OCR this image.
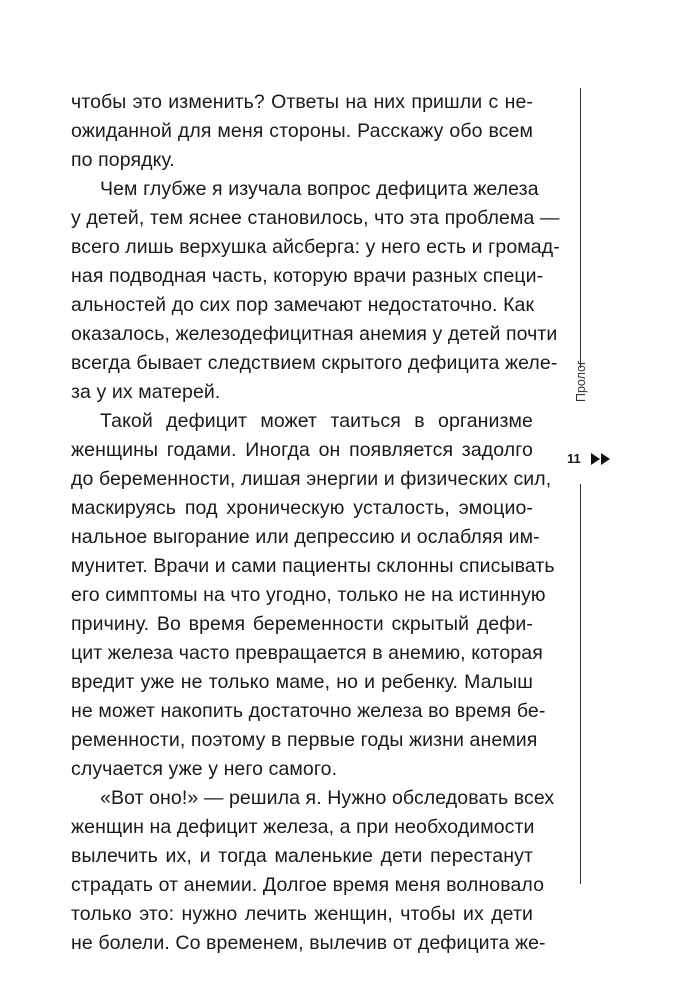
чтобы это изменить? Ответы на них пришли с не-
ожиданной для меня стороны. Расскажу обо всем
по порядку.
Чем глубже я изучала вопрос дефицита железа
у детей, тем яснее становилось, что эта проблема —
всего лишь верхушка айсберга: у него есть и громад-
ная подводная часть, которую врачи разных специ-
альностей до сих пор замечают недостаточно. Как
оказалось, железодефицитная анемия у детей почти
всегда бывает следствием скрытого дефицита желе-
за у их матерей.
Такой дефицит может таиться в организме
женщины годами. Иногда он появляется задолго
до беременности, лишая энергии и физических сил,
маскируясь под хроническую усталость, эмоцио-
нальное выгорание или депрессию и ослабляя им-
мунитет. Врачи и сами пациенты склонны списывать
его симптомы на что угодно, только не на истинную
причину. Во время беременности скрытый дефи-
цит железа часто превращается в анемию, которая
вредит уже не только маме, но и ребенку. Малыш
не может накопить достаточно железа во время бе-
ременности, поэтому в первые годы жизни анемия
случается уже у него самого.
«Вот оно!» — решила я. Нужно обследовать всех
женщин на дефицит железа, а при необходимости
вылечить их, и тогда маленькие дети перестанут
страдать от анемии. Долгое время меня волновало
только это: нужно лечить женщин, чтобы их дети
не болели. Со временем, вылечив от дефицита же-
Пролог
11
